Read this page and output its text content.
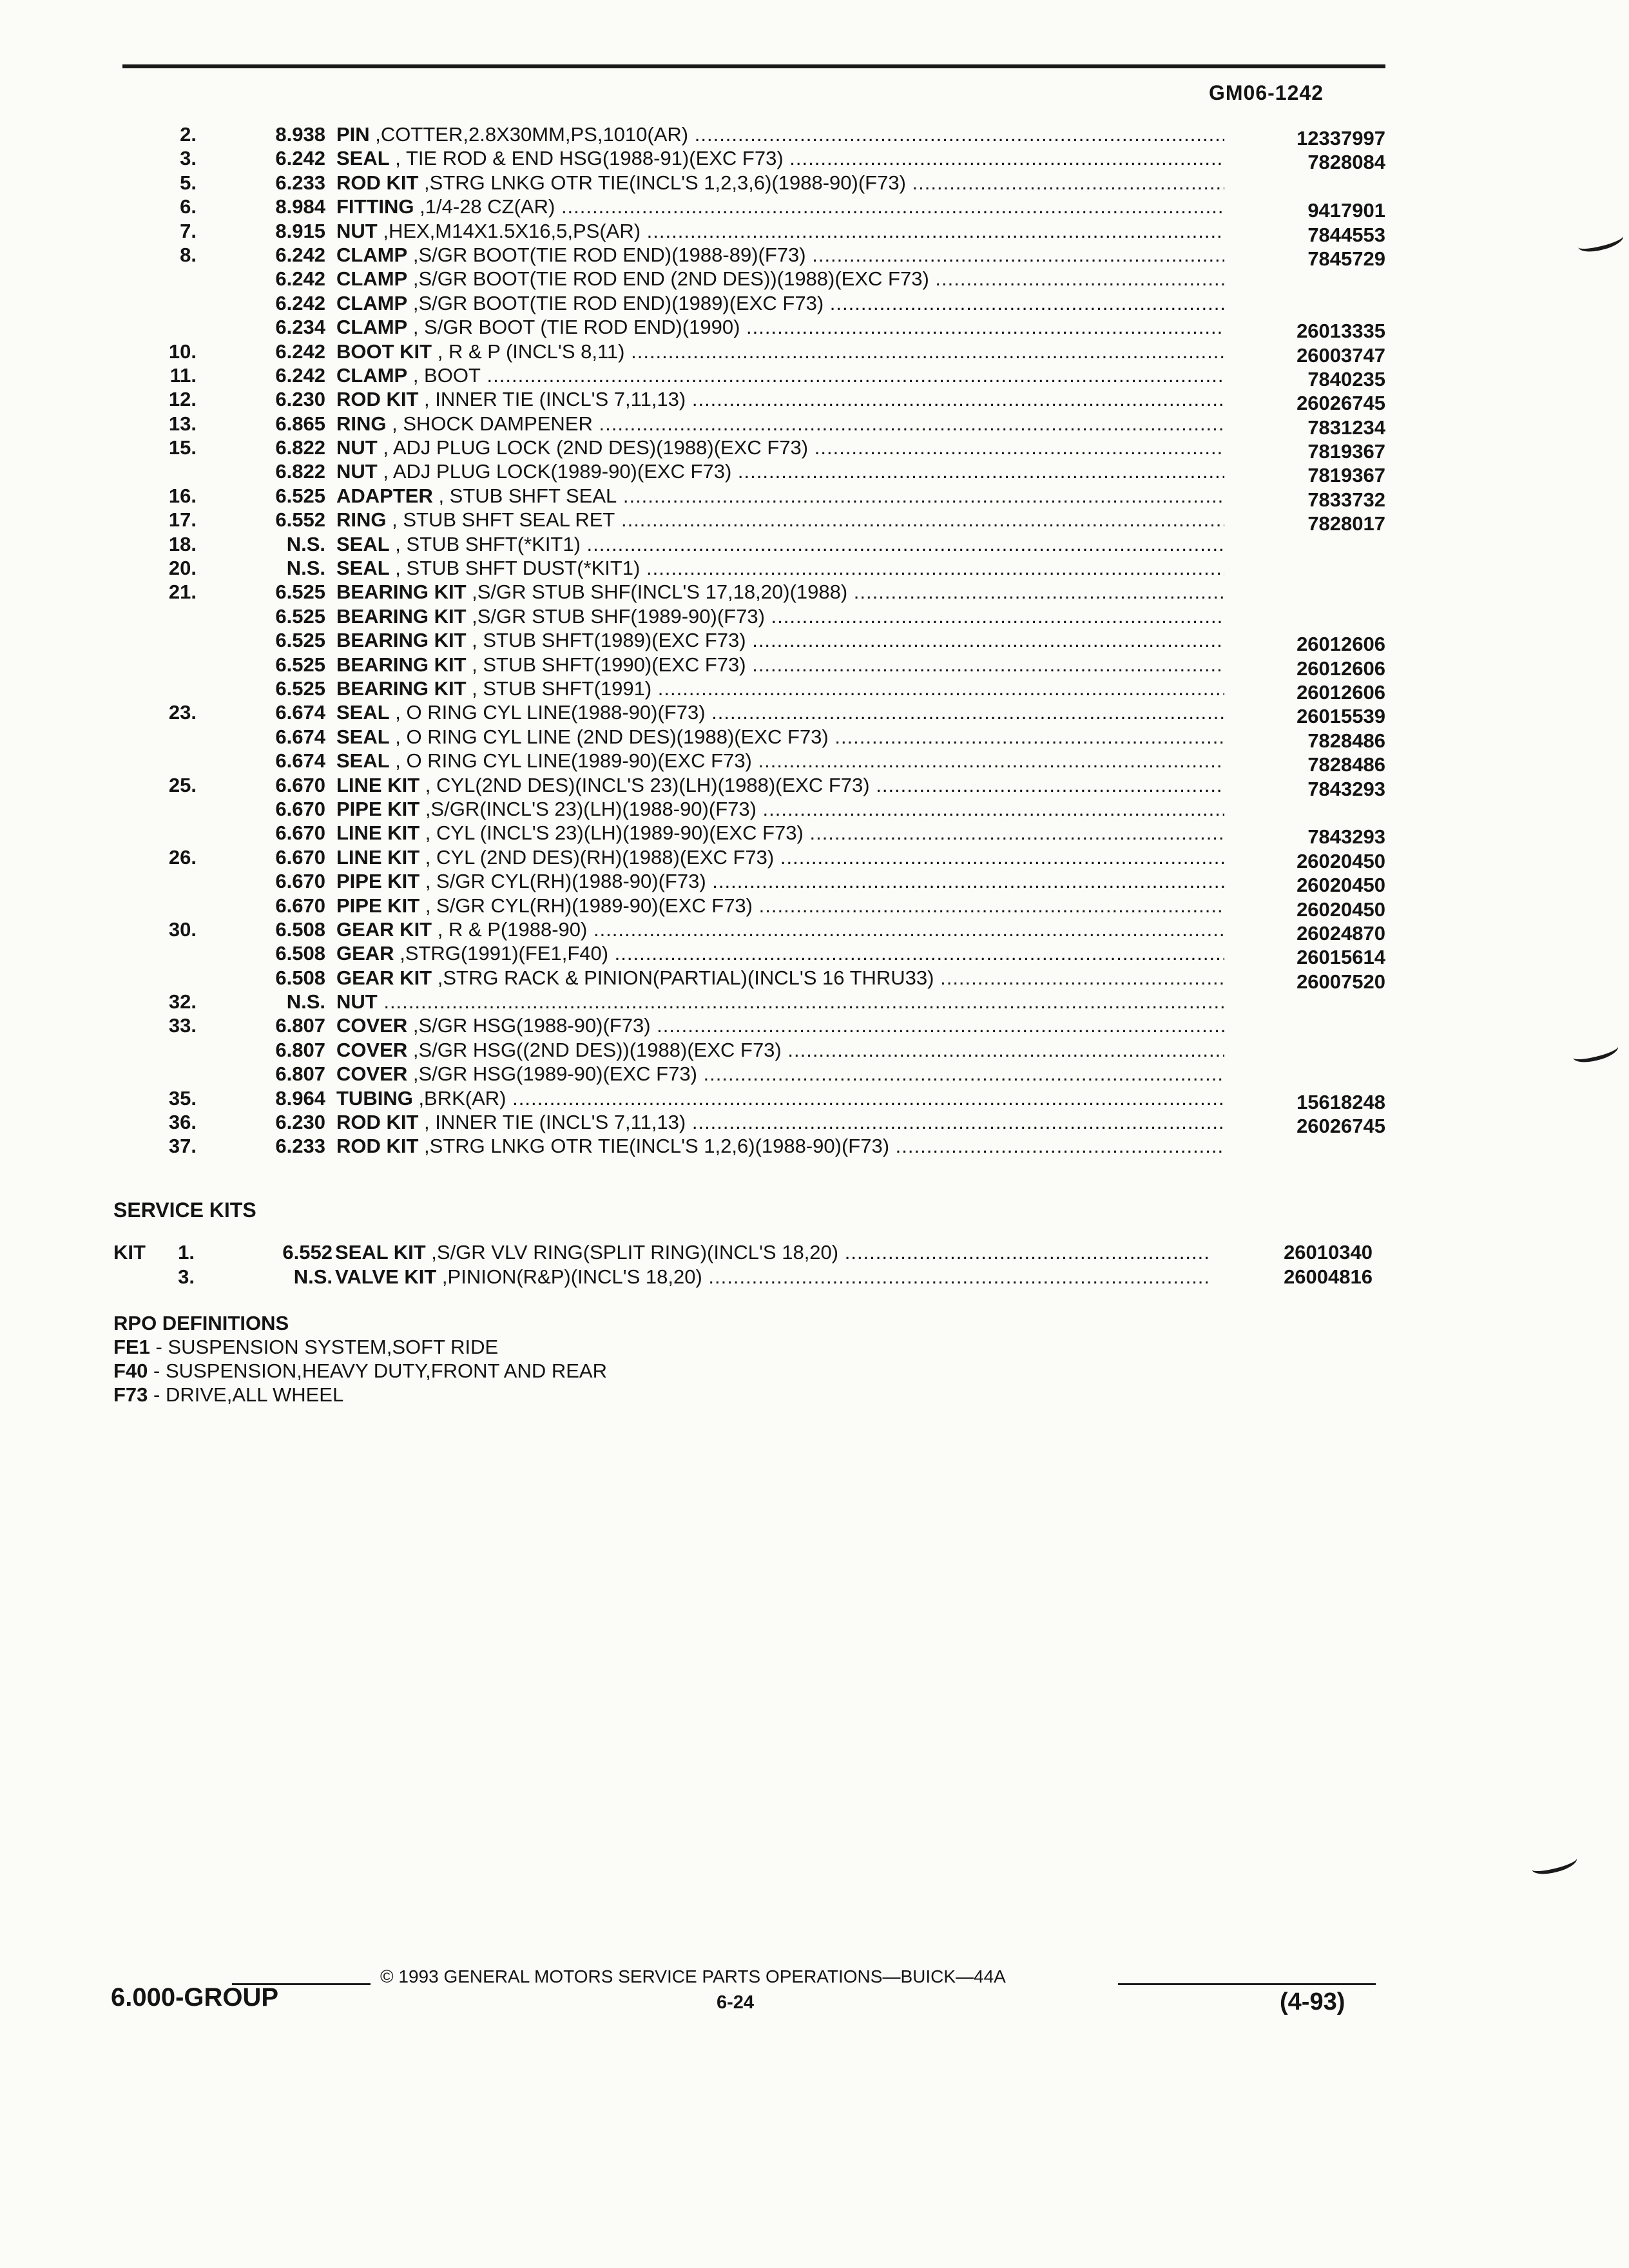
GM06-1242
2.	8.938 PIN ,COTTER,2.8X30MM,PS,1010(AR) .....	12337997
3.	6.242 SEAL , TIE ROD & END HSG(1988-91)(EXC F73) .....	7828084
5.	6.233 ROD KIT ,STRG LNKG OTR TIE(INCL'S 1,2,3,6)(1988-90)(F73) .....
6.	8.984 FITTING ,1/4-28 CZ(AR) .....	9417901
7.	8.915 NUT ,HEX,M14X1.5X16,5,PS(AR) .....	7844553
8.	6.242 CLAMP ,S/GR BOOT(TIE ROD END)(1988-89)(F73) .....	7845729
6.242 CLAMP ,S/GR BOOT(TIE ROD END (2ND DES))(1988)(EXC F73) .....
6.242 CLAMP ,S/GR BOOT(TIE ROD END)(1989)(EXC F73) .....
6.234 CLAMP , S/GR BOOT (TIE ROD END)(1990) .....	26013335
10.	6.242 BOOT KIT , R & P (INCL'S 8,11) .....	26003747
11.	6.242 CLAMP , BOOT .....	7840235
12.	6.230 ROD KIT , INNER TIE (INCL'S 7,11,13) .....	26026745
13.	6.865 RING , SHOCK DAMPENER .....	7831234
15.	6.822 NUT , ADJ PLUG LOCK (2ND DES)(1988)(EXC F73) .....	7819367
6.822 NUT , ADJ PLUG LOCK(1989-90)(EXC F73) .....	7819367
16.	6.525 ADAPTER , STUB SHFT SEAL .....	7833732
17.	6.552 RING , STUB SHFT SEAL RET .....	7828017
18.	N.S. SEAL , STUB SHFT(*KIT1) .....
20.	N.S. SEAL , STUB SHFT DUST(*KIT1) .....
21.	6.525 BEARING KIT ,S/GR STUB SHF(INCL'S 17,18,20)(1988) .....
6.525 BEARING KIT ,S/GR STUB SHF(1989-90)(F73) .....
6.525 BEARING KIT , STUB SHFT(1989)(EXC F73) .....	26012606
6.525 BEARING KIT , STUB SHFT(1990)(EXC F73) .....	26012606
6.525 BEARING KIT , STUB SHFT(1991) .....	26012606
23.	6.674 SEAL , O RING CYL LINE(1988-90)(F73) .....	26015539
6.674 SEAL , O RING CYL LINE (2ND DES)(1988)(EXC F73) .....	7828486
6.674 SEAL , O RING CYL LINE(1989-90)(EXC F73) .....	7828486
25.	6.670 LINE KIT , CYL(2ND DES)(INCL'S 23)(LH)(1988)(EXC F73) .....	7843293
6.670 PIPE KIT ,S/GR(INCL'S 23)(LH)(1988-90)(F73) .....
6.670 LINE KIT , CYL (INCL'S 23)(LH)(1989-90)(EXC F73) .....	7843293
26.	6.670 LINE KIT , CYL (2ND DES)(RH)(1988)(EXC F73) .....	26020450
6.670 PIPE KIT , S/GR CYL(RH)(1988-90)(F73) .....	26020450
6.670 PIPE KIT , S/GR CYL(RH)(1989-90)(EXC F73) .....	26020450
30.	6.508 GEAR KIT , R & P(1988-90) .....	26024870
6.508 GEAR ,STRG(1991)(FE1,F40) .....	26015614
6.508 GEAR KIT ,STRG RACK & PINION(PARTIAL)(INCL'S 16 THRU33) .....	26007520
32.	N.S. NUT .....
33.	6.807 COVER ,S/GR HSG(1988-90)(F73) .....
6.807 COVER ,S/GR HSG((2ND DES))(1988)(EXC F73) .....
6.807 COVER ,S/GR HSG(1989-90)(EXC F73) .....
35.	8.964 TUBING ,BRK(AR) .....	15618248
36.	6.230 ROD KIT , INNER TIE (INCL'S 7,11,13) .....	26026745
37.	6.233 ROD KIT ,STRG LNKG OTR TIE(INCL'S 1,2,6)(1988-90)(F73) .....
SERVICE KITS
KIT	1.	6.552 SEAL KIT ,S/GR VLV RING(SPLIT RING)(INCL'S 18,20) .....	26010340
3.	N.S. VALVE KIT ,PINION(R&P)(INCL'S 18,20) .....	26004816
RPO DEFINITIONS
FE1 - SUSPENSION SYSTEM,SOFT RIDE
F40 - SUSPENSION,HEAVY DUTY,FRONT AND REAR
F73 - DRIVE,ALL WHEEL
© 1993 GENERAL MOTORS SERVICE PARTS OPERATIONS—BUICK—44A
6.000-GROUP	6-24	(4-93)
